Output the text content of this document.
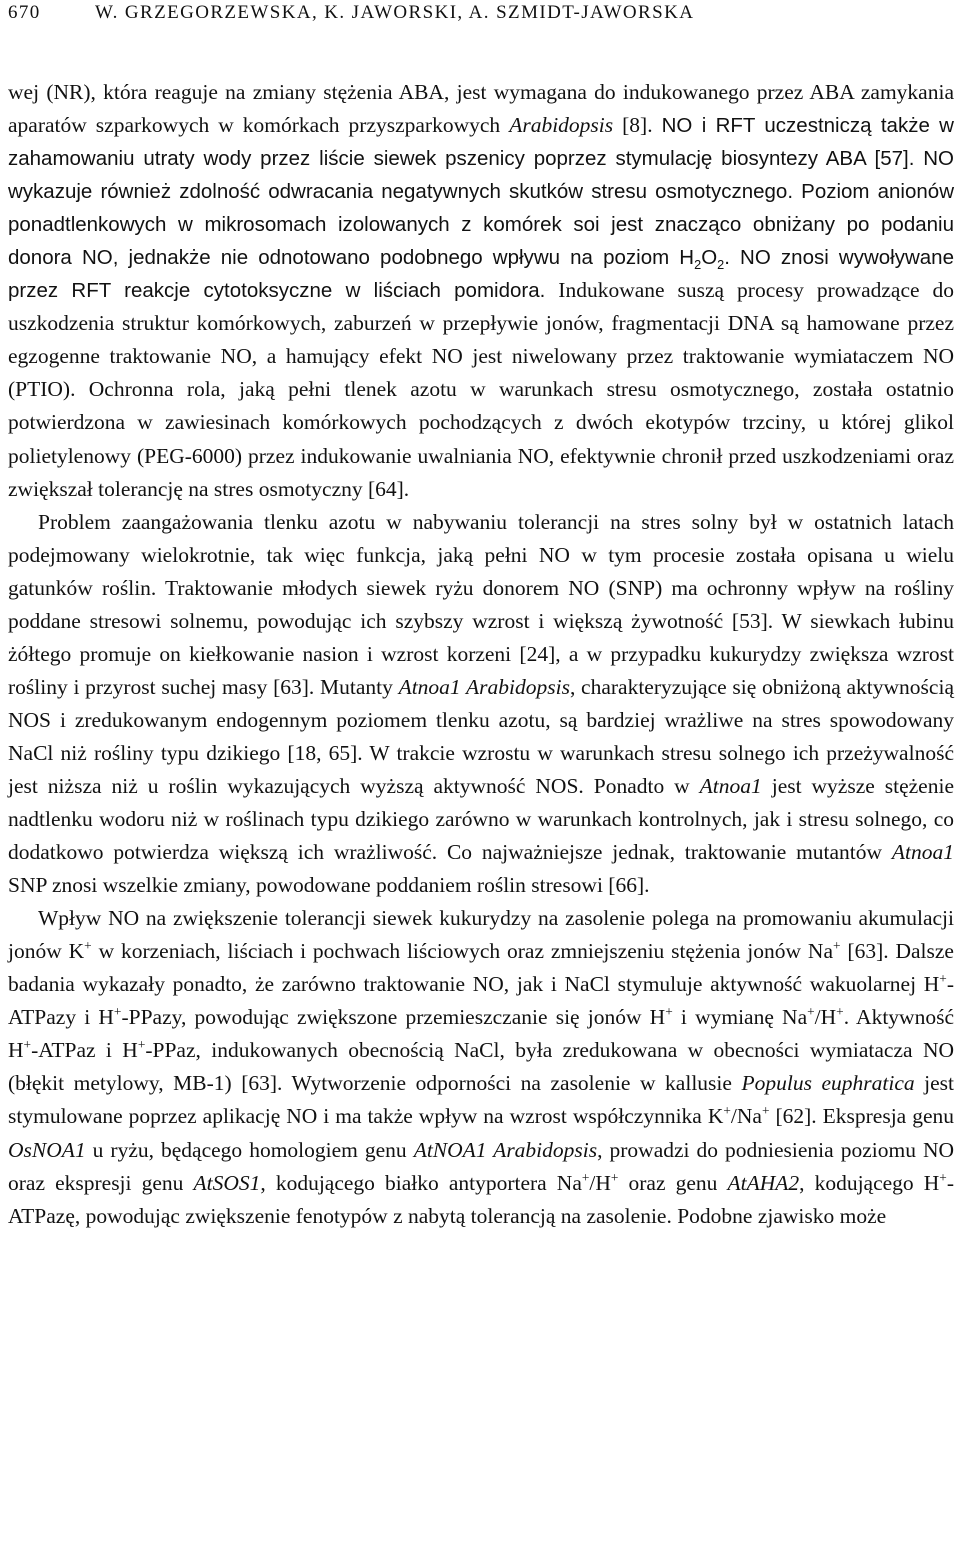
670	W. GRZEGORZEWSKA, K. JAWORSKI, A. SZMIDT-JAWORSKA

wej (NR), która reaguje na zmiany stężenia ABA, jest wymagana do indukowanego przez ABA zamykania aparatów szparkowych w komórkach przyszparkowych Arabidopsis [8]. NO i RFT uczestniczą także w zahamowaniu utraty wody przez liście siewek pszenicy poprzez stymulację biosyntezy ABA [57]. NO wykazuje również zdolność odwracania negatywnych skutków stresu osmotycznego. Poziom anionów ponadtlenkowych w mikrosomach izolowanych z komórek soi jest znacząco obniżany po podaniu donora NO, jednakże nie odnotowano podobnego wpływu na poziom $H_2O_2$. NO znosi wywoływane przez RFT reakcje cytotoksyczne w liściach pomidora. Indukowane suszą procesy prowadzące do uszkodzenia struktur komórkowych, zaburzeń w przepływie jonów, fragmentacji DNA są hamowane przez egzogenne traktowanie NO, a hamujący efekt NO jest niwelowany przez traktowanie wymiataczem NO (PTIO). Ochronna rola, jaką pełni tlenek azotu w warunkach stresu osmotycznego, została ostatnio potwierdzona w zawiesinach komórkowych pochodzących z dwóch ekotypów trzciny, u której glikol polietylenowy (PEG-6000) przez indukowanie uwalniania NO, efektywnie chronił przed uszkodzeniami oraz zwiększał tolerancję na stres osmotyczny [64].

Problem zaangażowania tlenku azotu w nabywaniu tolerancji na stres solny był w ostatnich latach podejmowany wielokrotnie, tak więc funkcja, jaką pełni NO w tym procesie została opisana u wielu gatunków roślin. Traktowanie młodych siewek ryżu donorem NO (SNP) ma ochronny wpływ na rośliny poddane stresowi solnemu, powodując ich szybszy wzrost i większą żywotność [53]. W siewkach łubinu żółtego promuje on kiełkowanie nasion i wzrost korzeni [24], a w przypadku kukurydzy zwiększa wzrost rośliny i przyrost suchej masy [63]. Mutanty Atnoa1 Arabidopsis, charakteryzujące się obniżoną aktywnością NOS i zredukowanym endogennym poziomem tlenku azotu, są bardziej wrażliwe na stres spowodowany NaCl niż rośliny typu dzikiego [18, 65]. W trakcie wzrostu w warunkach stresu solnego ich przeżywalność jest niższa niż u roślin wykazujących wyższą aktywność NOS. Ponadto w Atnoa1 jest wyższe stężenie nadtlenku wodoru niż w roślinach typu dzikiego zarówno w warunkach kontrolnych, jak i stresu solnego, co dodatkowo potwierdza większą ich wrażliwość. Co najważniejsze jednak, traktowanie mutantów Atnoa1 SNP znosi wszelkie zmiany, powodowane poddaniem roślin stresowi [66].

Wpływ NO na zwiększenie tolerancji siewek kukurydzy na zasolenie polega na promowaniu akumulacji jonów K+ w korzeniach, liściach i pochwach liściowych oraz zmniejszeniu stężenia jonów Na+ [63]. Dalsze badania wykazały ponadto, że zarówno traktowanie NO, jak i NaCl stymuluje aktywność wakuolarnej H+-ATPazy i H+-PPazy, powodując zwiększone przemieszczanie się jonów H+ i wymianę Na+/H+. Aktywność H+-ATPaz i H+-PPaz, indukowanych obecnością NaCl, była zredukowana w obecności wymiatacza NO (błękit metylowy, MB-1) [63]. Wytworzenie odporności na zasolenie w kallusie Populus euphratica jest stymulowane poprzez aplikację NO i ma także wpływ na wzrost współczynnika K+/Na+ [62]. Ekspresja genu OsNOA1 u ryżu, będącego homologiem genu AtNOA1 Arabidopsis, prowadzi do podniesienia poziomu NO oraz ekspresji genu AtSOS1, kodującego białko antyportera Na+/H+ oraz genu AtAHA2, kodującego H+-ATPazę, powodując zwiększenie fenotypów z nabytą tolerancją na zasolenie. Podobne zjawisko może
